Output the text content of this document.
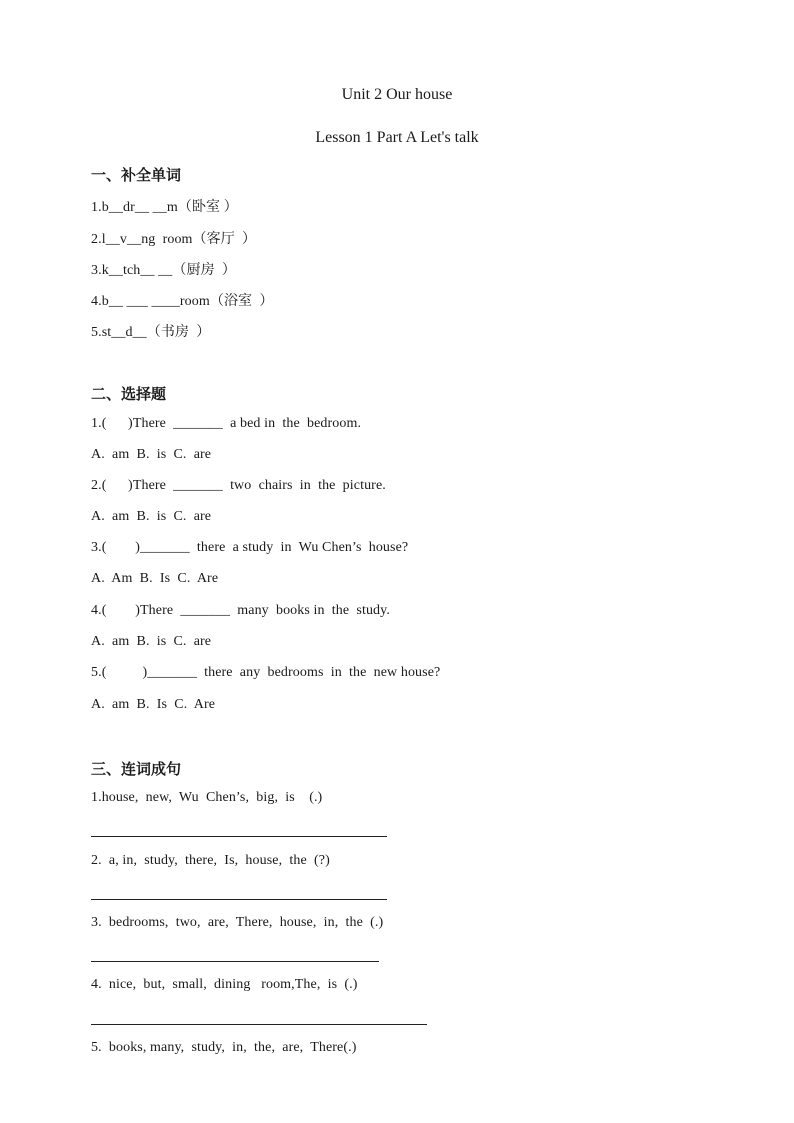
Unit 2 Our house
Lesson 1 Part A Let's talk
一、补全单词
1.b__dr__ __m（卧室 ）
2.l__v__ng  room（客厅  ）
3.k__tch__ __（厨房  ）
4.b__ ___ ____room（浴室  ）
5.st__d__（书房  ）
二、选择题
1.(      )There  _______  a bed in  the  bedroom.
A.  am  B.  is  C.  are
2.(      )There  _______  two  chairs  in  the  picture.
A.  am  B.  is  C.  are
3.(        )_______  there  a study  in  Wu Chen’s  house?
A.  Am  B.  Is  C.  Are
4.(        )There  _______  many  books in  the  study.
A.  am  B.  is  C.  are
5.(          )_______  there  any  bedrooms  in  the  new house?
A.  am  B.  Is  C.  Are
三、连词成句
1.house,  new,  Wu  Chen’s,  big,  is    (.)
2.  a, in,  study,  there,  Is,  house,  the  (?)
3.  bedrooms,  two,  are,  There,  house,  in,  the  (.)
4.  nice,  but,  small,  dining   room,The,  is  (.)
5.  books, many,  study,  in,  the,  are,  There(.)
